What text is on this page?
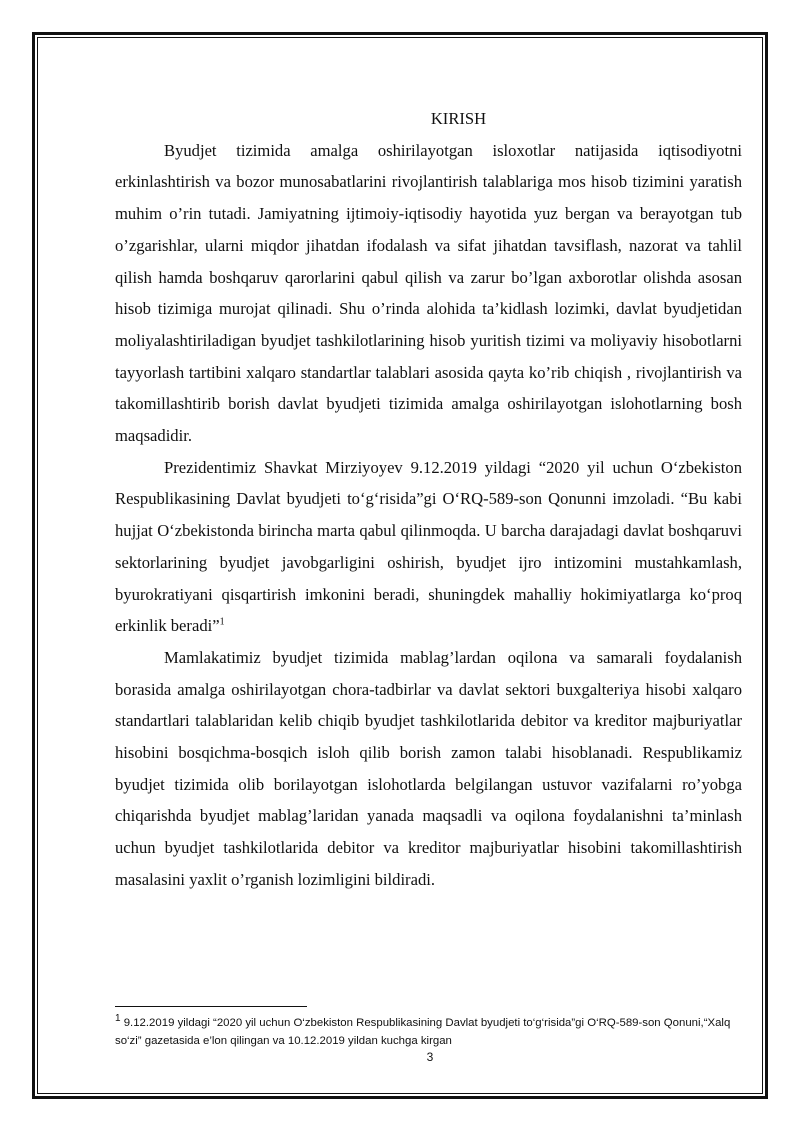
KIRISH

Byudjet tizimida amalga oshirilayotgan isloxotlar natijasida iqtisodiyotni erkinlashtirish va bozor munosabatlarini rivojlantirish talablariga mos hisob tizimini yaratish muhim o’rin tutadi. Jamiyatning ijtimoiy-iqtisodiy hayotida yuz bergan va berayotgan tub o’zgarishlar, ularni miqdor jihatdan ifodalash va sifat jihatdan tavsiflash, nazorat va tahlil qilish hamda boshqaruv qarorlarini qabul qilish va zarur bo’lgan axborotlar olishda asosan hisob tizimiga murojat qilinadi. Shu o’rinda alohida ta’kidlash lozimki, davlat byudjetidan moliyalashtiriladigan byudjet tashkilotlarining hisob yuritish tizimi va moliyaviy hisobotlarni tayyorlash tartibini xalqaro standartlar talablari asosida qayta ko’rib chiqish , rivojlantirish va takomillashtirib borish davlat byudjeti tizimida amalga oshirilayotgan islohotlarning bosh maqsadidir.

Prezidentimiz Shavkat Mirziyoyev 9.12.2019 yildagi “2020 yil uchun O‘zbekiston Respublikasining Davlat byudjeti to‘g‘risida”gi O‘RQ-589-son Qonunni imzoladi. “Bu kabi hujjat O‘zbekistonda birincha marta qabul qilinmoqda. U barcha darajadagi davlat boshqaruvi sektorlarining byudjet javobgarligini oshirish, byudjet ijro intizomini mustahkamlash, byurokratiyani qisqartirish imkonini beradi, shuningdek mahalliy hokimiyatlarga ko‘proq erkinlik beradi”$^1$

Mamlakatimiz byudjet tizimida mablag’lardan oqilona va samarali foydalanish borasida amalga oshirilayotgan chora-tadbirlar va davlat sektori buxgalteriya hisobi xalqaro standartlari talablaridan kelib chiqib byudjet tashkilotlarida debitor va kreditor majburiyatlar hisobini bosqichma-bosqich isloh qilib borish zamon talabi hisoblanadi. Respublikamiz byudjet tizimida olib borilayotgan islohotlarda belgilangan ustuvor vazifalarni ro’yobga chiqarishda byudjet mablag’laridan yanada maqsadli va oqilona foydalanishni ta’minlash uchun byudjet tashkilotlarida debitor va kreditor majburiyatlar hisobini takomillashtirish masalasini yaxlit o’rganish lozimligini bildiradi.

$^1$ 9.12.2019 yildagi “2020 yil uchun O‘zbekiston Respublikasining Davlat byudjeti to‘g‘risida”gi O‘RQ-589-son Qonuni,“Xalq so‘zi” gazetasida e’lon qilingan va 10.12.2019 yildan kuchga kirgan
3
